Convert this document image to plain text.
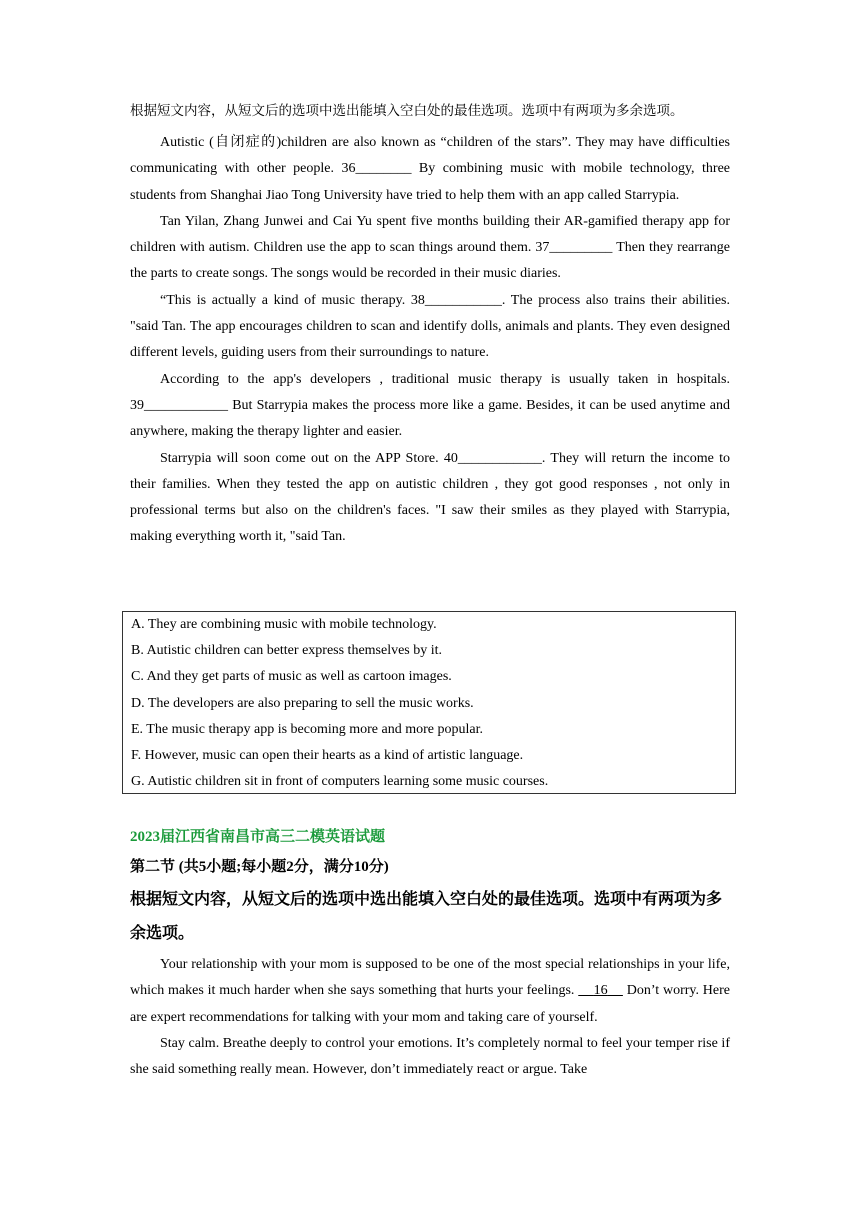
根据短文内容，从短文后的选项中选出能填入空白处的最佳选项。选项中有两项为多余选项。

Autistic (自闭症的)children are also known as “children of the stars”. They may have difficulties communicating with other people. 36________ By combining music with mobile technology, three students from Shanghai Jiao Tong University have tried to help them with an app called Starrypia.

Tan Yilan, Zhang Junwei and Cai Yu spent five months building their AR-gamified therapy app for children with autism. Children use the app to scan things around them. 37_________ Then they rearrange the parts to create songs. The songs would be recorded in their music diaries.

“This is actually a kind of music therapy. 38___________. The process also trains their abilities. "said Tan. The app encourages children to scan and identify dolls, animals and plants. They even designed different levels, guiding users from their surroundings to nature.

According to the app's developers , traditional music therapy is usually taken in hospitals. 39____________ But Starrypia makes the process more like a game. Besides, it can be used anytime and anywhere, making the therapy lighter and easier.

Starrypia will soon come out on the APP Store. 40____________. They will return the income to their families. When they tested the app on autistic children , they got good responses , not only in professional terms but also on the children's faces. "I saw their smiles as they played with Starrypia, making everything worth it, "said Tan.

A. They are combining music with mobile technology.

B. Autistic children can better express themselves by it.

C. And they get parts of music as well as cartoon images.

D. The developers are also preparing to sell the music works.

E. The music therapy app is becoming more and more popular.

F. However, music can open their hearts as a kind of artistic language.

G. Autistic children sit in front of computers learning some music courses.

2023届江西省南昌市高三二模英语试题

第二节 (共5小题;每小题2分，满分10分)

根据短文内容，从短文后的选项中选出能填入空白处的最佳选项。选项中有两项为多余选项。

Your relationship with your mom is supposed to be one of the most special relationships in your life, which makes it much harder when she says something that hurts your feelings. 16     Don’t worry. Here are expert recommendations for talking with your mom and taking care of yourself.

Stay calm. Breathe deeply to control your emotions. It’s completely normal to feel your temper rise if she said something really mean. However, don’t immediately react or argue. Take
